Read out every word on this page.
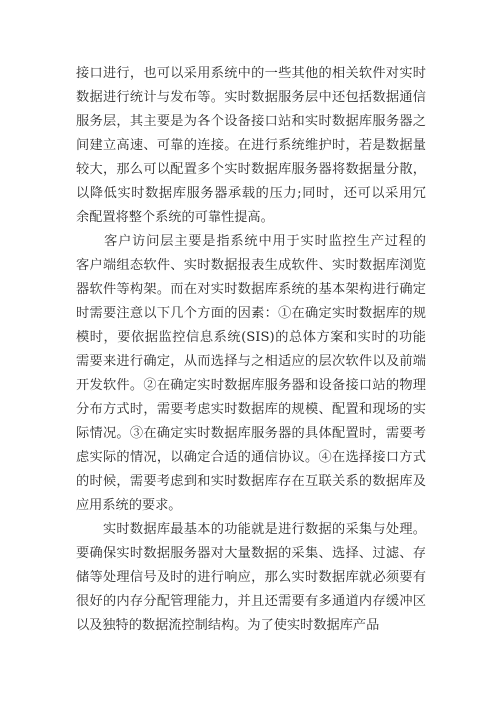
接口进行，也可以采用系统中的一些其他的相关软件对实时
数据进行统计与发布等。实时数据服务层中还包括数据通信
服务层，其主要是为各个设备接口站和实时数据库服务器之
间建立高速、可靠的连接。在进行系统维护时，若是数据量
较大，那么可以配置多个实时数据库服务器将数据量分散，
以降低实时数据库服务器承载的压力;同时，还可以采用冗
余配置将整个系统的可靠性提高。
　　客户访问层主要是指系统中用于实时监控生产过程的
客户端组态软件、实时数据报表生成软件、实时数据库浏览
器软件等构架。而在对实时数据库系统的基本架构进行确定
时需要注意以下几个方面的因素：①在确定实时数据库的规
模时，要依据监控信息系统(SIS)的总体方案和实时的功能
需要来进行确定，从而选择与之相适应的层次软件以及前端
开发软件。②在确定实时数据库服务器和设备接口站的物理
分布方式时，需要考虑实时数据库的规模、配置和现场的实
际情况。③在确定实时数据库服务器的具体配置时，需要考
虑实际的情况，以确定合适的通信协议。④在选择接口方式
的时候，需要考虑到和实时数据库存在互联关系的数据库及
应用系统的要求。
　　实时数据库最基本的功能就是进行数据的采集与处理。
要确保实时数据服务器对大量数据的采集、选择、过滤、存
储等处理信号及时的进行响应，那么实时数据库就必须要有
很好的内存分配管理能力，并且还需要有多通道内存缓冲区
以及独特的数据流控制结构。为了使实时数据库产品
